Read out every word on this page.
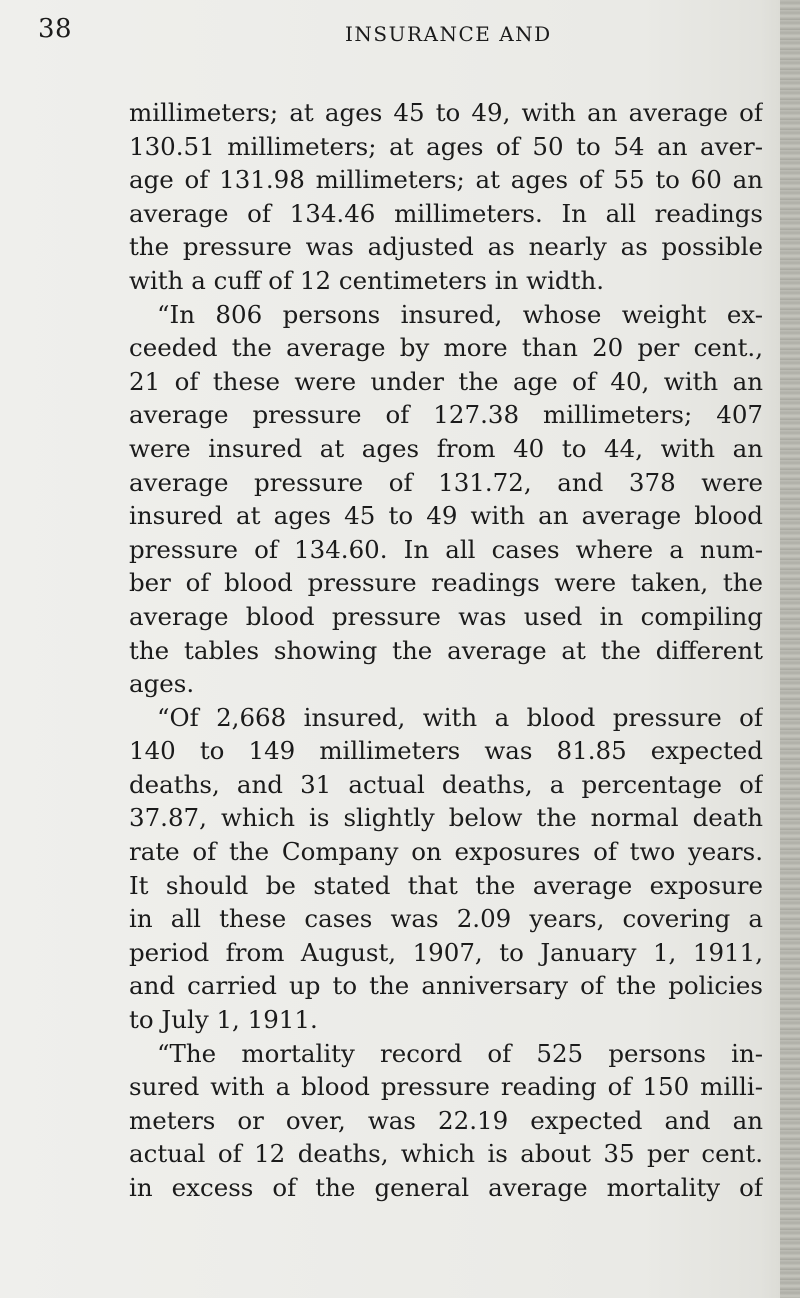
38	INSURANCE AND
millimeters; at ages 45 to 49, with an average of
130.51 millimeters; at ages of 50 to 54 an aver-
age of 131.98 millimeters; at ages of 55 to 60 an
average of 134.46 millimeters. In all readings
the pressure was adjusted as nearly as possible
with a cuff of 12 centimeters in width.
“In 806 persons insured, whose weight ex-
ceeded the average by more than 20 per cent.,
21 of these were under the age of 40, with an
average pressure of 127.38 millimeters; 407
were insured at ages from 40 to 44, with an
average pressure of 131.72, and 378 were
insured at ages 45 to 49 with an average blood
pressure of 134.60. In all cases where a num-
ber of blood pressure readings were taken, the
average blood pressure was used in compiling
the tables showing the average at the different
ages.
“Of 2,668 insured, with a blood pressure of
140 to 149 millimeters was 81.85 expected
deaths, and 31 actual deaths, a percentage of
37.87, which is slightly below the normal death
rate of the Company on exposures of two years.
It should be stated that the average exposure
in all these cases was 2.09 years, covering a
period from August, 1907, to January 1, 1911,
and carried up to the anniversary of the policies
to July 1, 1911.
“The mortality record of 525 persons in-
sured with a blood pressure reading of 150 milli-
meters or over, was 22.19 expected and an
actual of 12 deaths, which is about 35 per cent.
in excess of the general average mortality of
